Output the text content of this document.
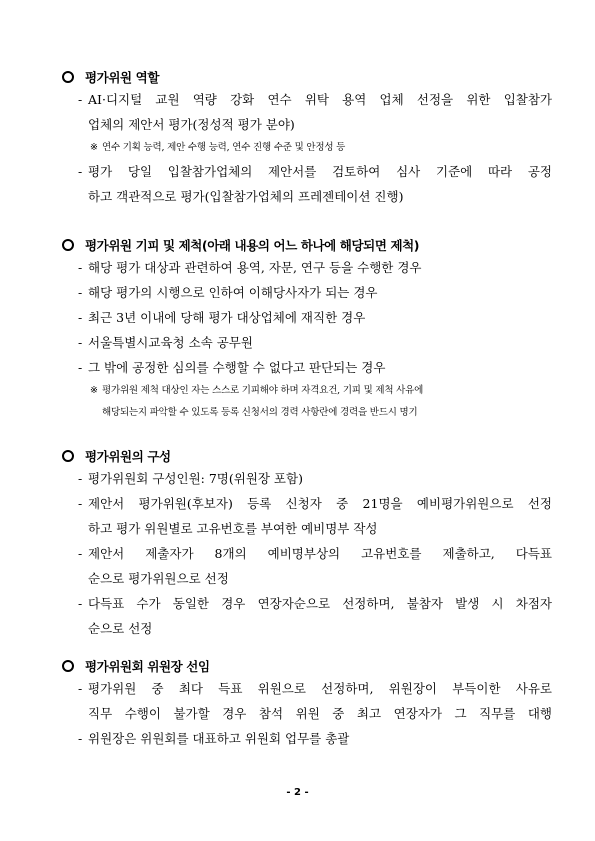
평가위원 역할
- AI·디지털 교원 역량 강화 연수 위탁 용역 업체 선정을 위한 입찰참가
업체의 제안서 평가(정성적 평가 분야)
※ 연수 기획 능력, 제안 수행 능력, 연수 진행 수준 및 안정성 등
- 평가 당일 입찰참가업체의 제안서를 검토하여 심사 기준에 따라 공정
하고 객관적으로 평가(입찰참가업체의 프레젠테이션 진행)
평가위원 기피 및 제척(아래 내용의 어느 하나에 해당되면 제척)
- 해당 평가 대상과 관련하여 용역, 자문, 연구 등을 수행한 경우
- 해당 평가의 시행으로 인하여 이해당사자가 되는 경우
- 최근 3년 이내에 당해 평가 대상업체에 재직한 경우
- 서울특별시교육청 소속 공무원
- 그 밖에 공정한 심의를 수행할 수 없다고 판단되는 경우
※ 평가위원 제척 대상인 자는 스스로 기피해야 하며 자격요건, 기피 및 제척 사유에
해당되는지 파악할 수 있도록 등록 신청서의 경력 사항란에 경력을 반드시 명기
평가위원의 구성
- 평가위원회 구성인원: 7명(위원장 포함)
- 제안서 평가위원(후보자) 등록 신청자 중 21명을 예비평가위원으로 선정
하고 평가 위원별로 고유번호를 부여한 예비명부 작성
- 제안서 제출자가 8개의 예비명부상의 고유번호를 제출하고, 다득표
순으로 평가위원으로 선정
- 다득표 수가 동일한 경우 연장자순으로 선정하며, 불참자 발생 시 차점자
순으로 선정
평가위원회 위원장 선임
- 평가위원 중 최다 득표 위원으로 선정하며, 위원장이 부득이한 사유로
직무 수행이 불가할 경우 참석 위원 중 최고 연장자가 그 직무를 대행
- 위원장은 위원회를 대표하고 위원회 업무를 총괄
- 2 -
